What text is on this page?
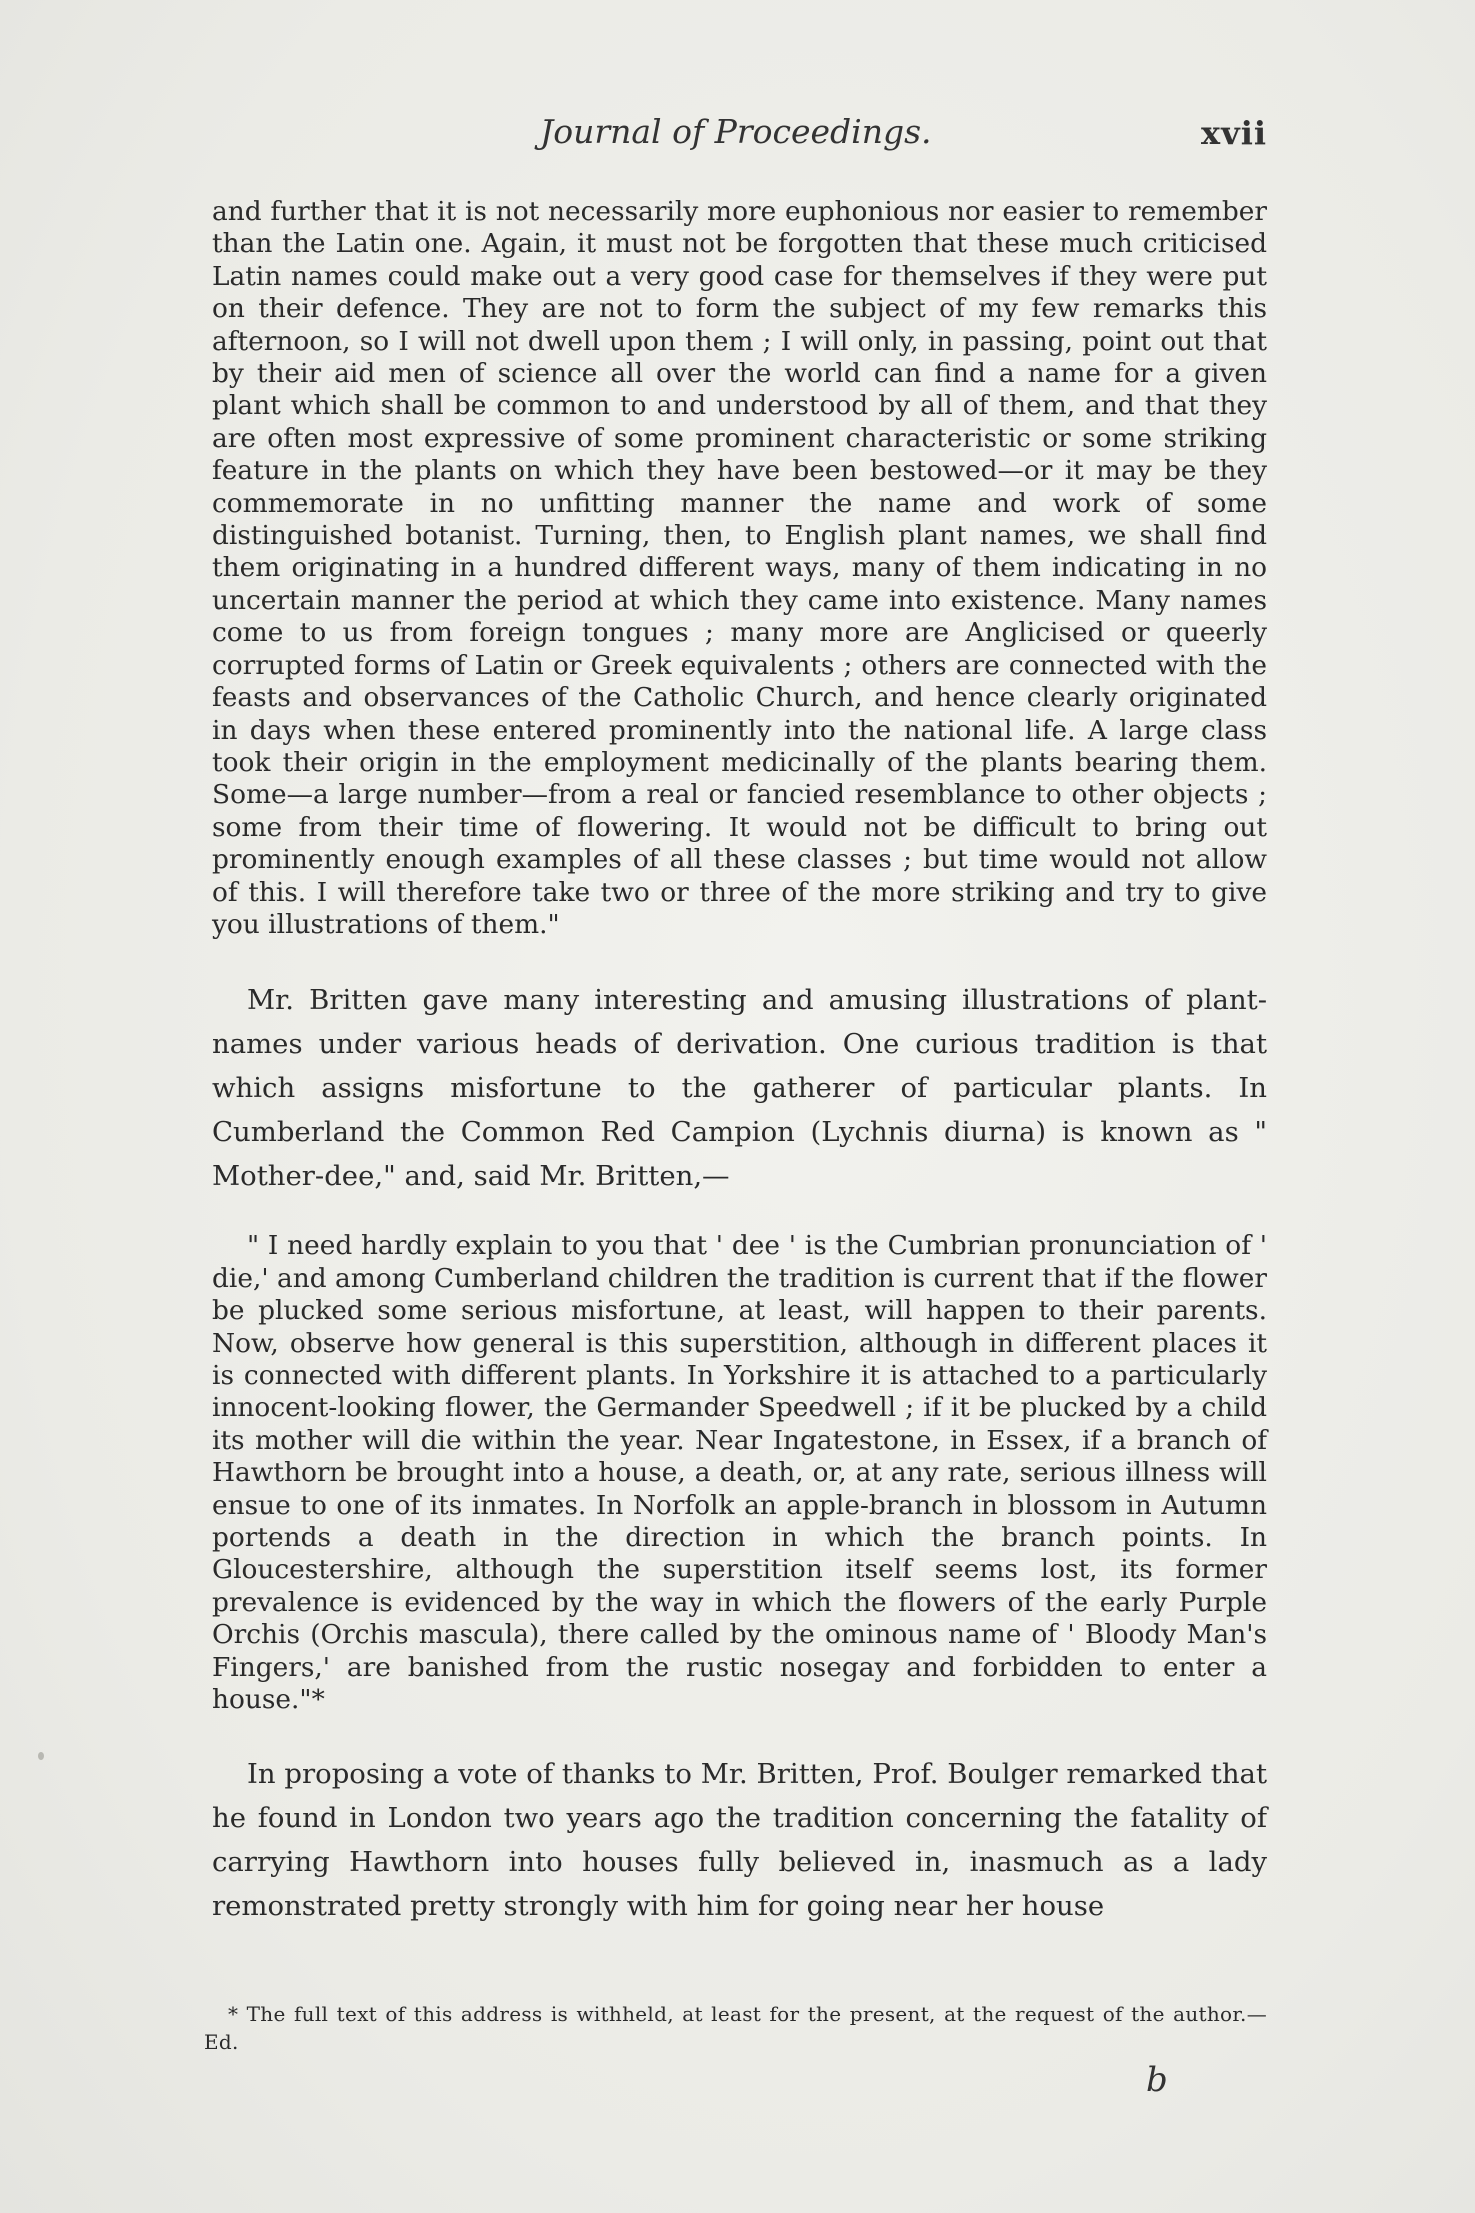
Journal of Proceedings.	xvii

and further that it is not necessarily more euphonious nor easier to remember than the Latin one. Again, it must not be forgotten that these much criticised Latin names could make out a very good case for themselves if they were put on their defence. They are not to form the subject of my few remarks this afternoon, so I will not dwell upon them ; I will only, in passing, point out that by their aid men of science all over the world can find a name for a given plant which shall be common to and understood by all of them, and that they are often most expressive of some prominent characteristic or some striking feature in the plants on which they have been bestowed—or it may be they commemorate in no unfitting manner the name and work of some distinguished botanist. Turning, then, to English plant names, we shall find them originating in a hundred different ways, many of them indicating in no uncertain manner the period at which they came into existence. Many names come to us from foreign tongues ; many more are Anglicised or queerly corrupted forms of Latin or Greek equivalents ; others are connected with the feasts and observances of the Catholic Church, and hence clearly originated in days when these entered prominently into the national life. A large class took their origin in the employment medicinally of the plants bearing them. Some—a large number—from a real or fancied resemblance to other objects ; some from their time of flowering. It would not be difficult to bring out prominently enough examples of all these classes ; but time would not allow of this. I will therefore take two or three of the more striking and try to give you illustrations of them."

Mr. Britten gave many interesting and amusing illustrations of plant-names under various heads of derivation. One curious tradition is that which assigns misfortune to the gatherer of particular plants. In Cumberland the Common Red Campion (Lychnis diurna) is known as " Mother-dee," and, said Mr. Britten,—

" I need hardly explain to you that ' dee ' is the Cumbrian pronunciation of ' die,' and among Cumberland children the tradition is current that if the flower be plucked some serious misfortune, at least, will happen to their parents. Now, observe how general is this superstition, although in different places it is connected with different plants. In Yorkshire it is attached to a particularly innocent-looking flower, the Germander Speedwell ; if it be plucked by a child its mother will die within the year. Near Ingatestone, in Essex, if a branch of Hawthorn be brought into a house, a death, or, at any rate, serious illness will ensue to one of its inmates. In Norfolk an apple-branch in blossom in Autumn portends a death in the direction in which the branch points. In Gloucestershire, although the superstition itself seems lost, its former prevalence is evidenced by the way in which the flowers of the early Purple Orchis (Orchis mascula), there called by the ominous name of ' Bloody Man's Fingers,' are banished from the rustic nosegay and forbidden to enter a house."*

In proposing a vote of thanks to Mr. Britten, Prof. Boulger remarked that he found in London two years ago the tradition concerning the fatality of carrying Hawthorn into houses fully believed in, inasmuch as a lady remonstrated pretty strongly with him for going near her house

* The full text of this address is withheld, at least for the present, at the request of the author.—Ed.
b
